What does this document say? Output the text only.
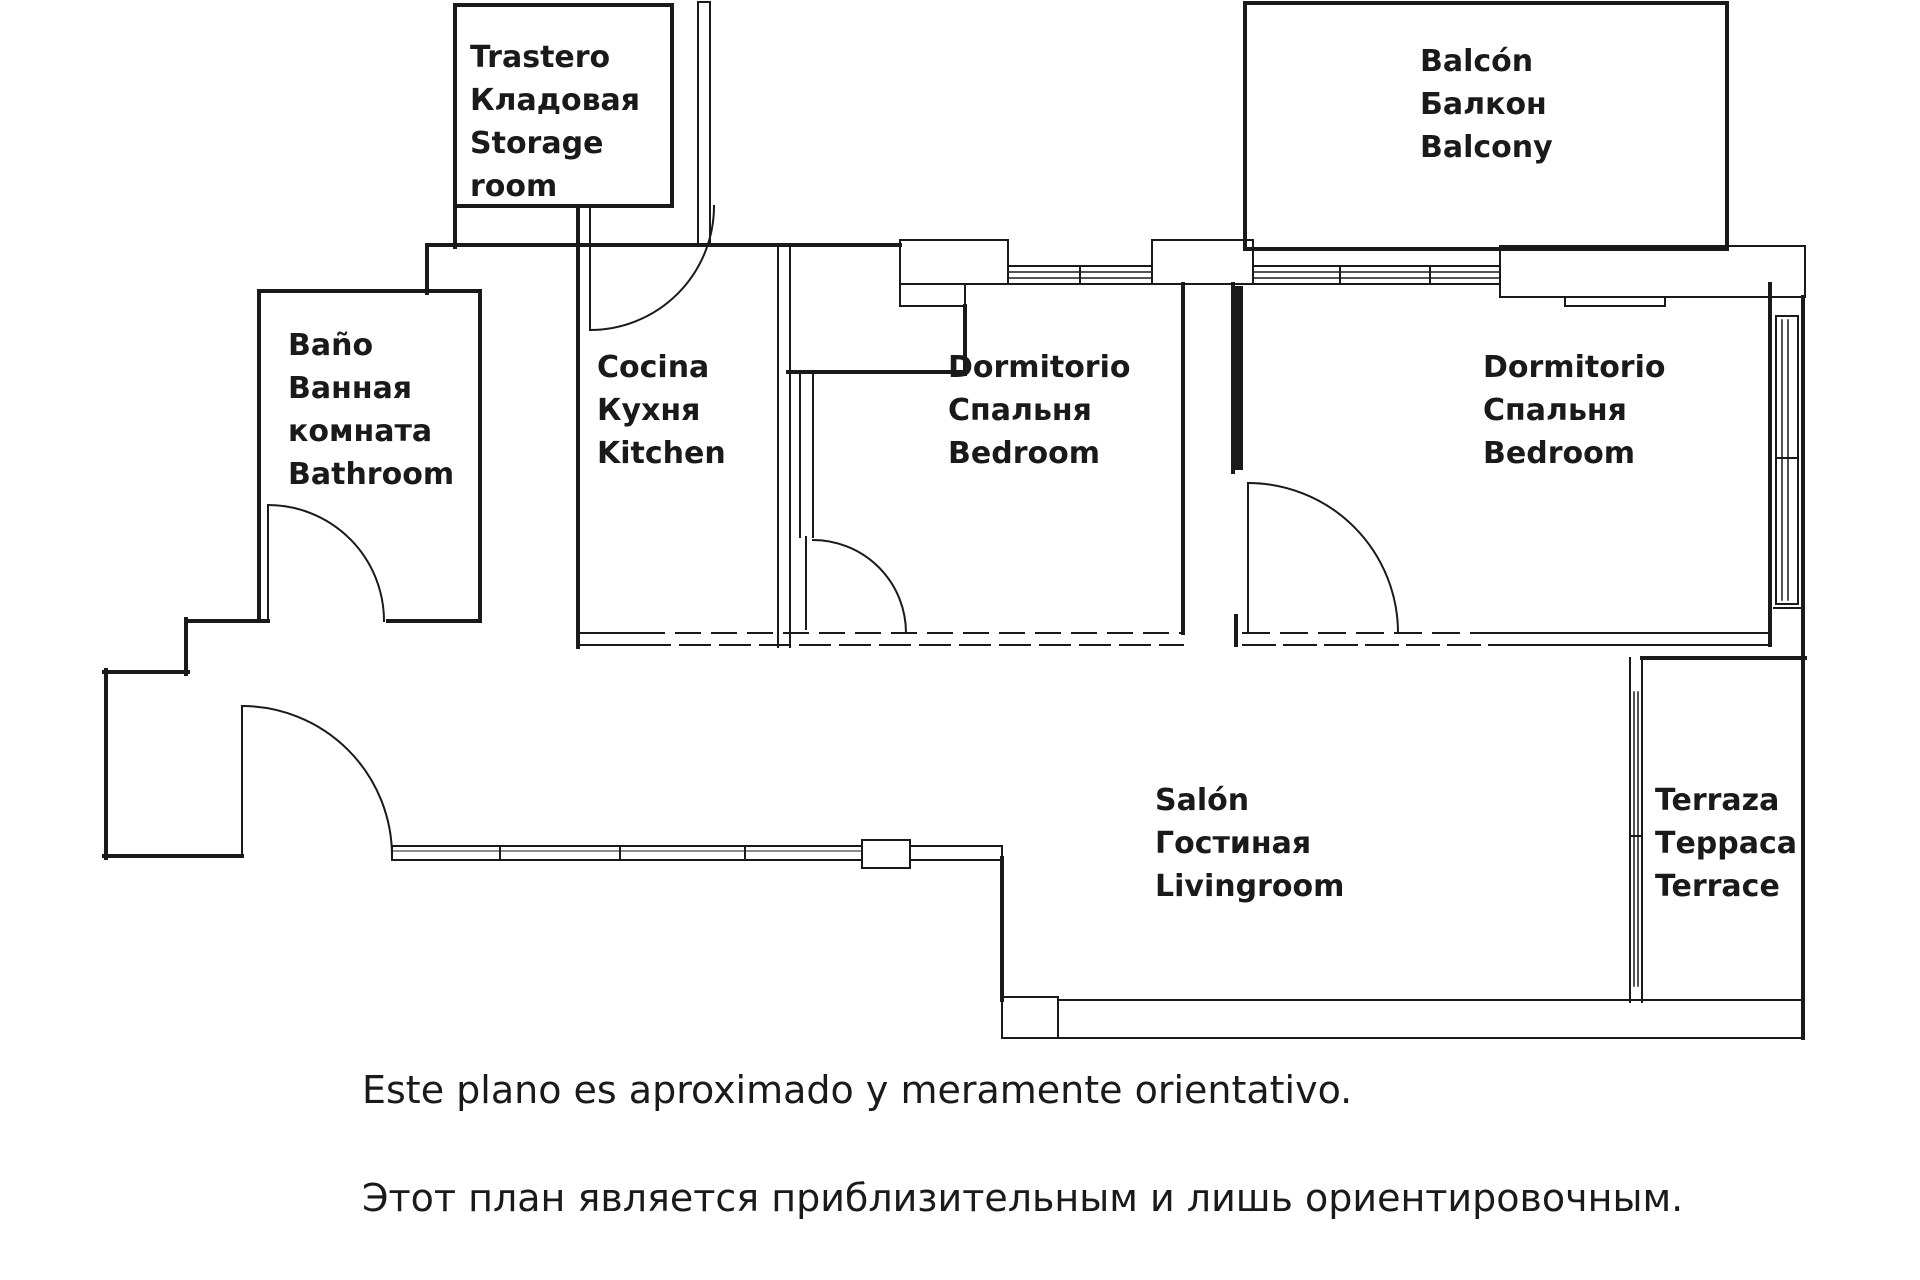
Trastero
Кладовая
Storage
room
Balcón
Балкон
Balcony
Baño
Ванная
комната
Bathroom
Cocina
Кухня
Kitchen
Dormitorio
Спальня
Bedroom
Dormitorio
Спальня
Bedroom
Salón
Гостиная
Livingroom
Terraza
Терраса
Terrace
Este plano es aproximado y meramente orientativo.
Этот план является приблизительным и лишь ориентировочным.
